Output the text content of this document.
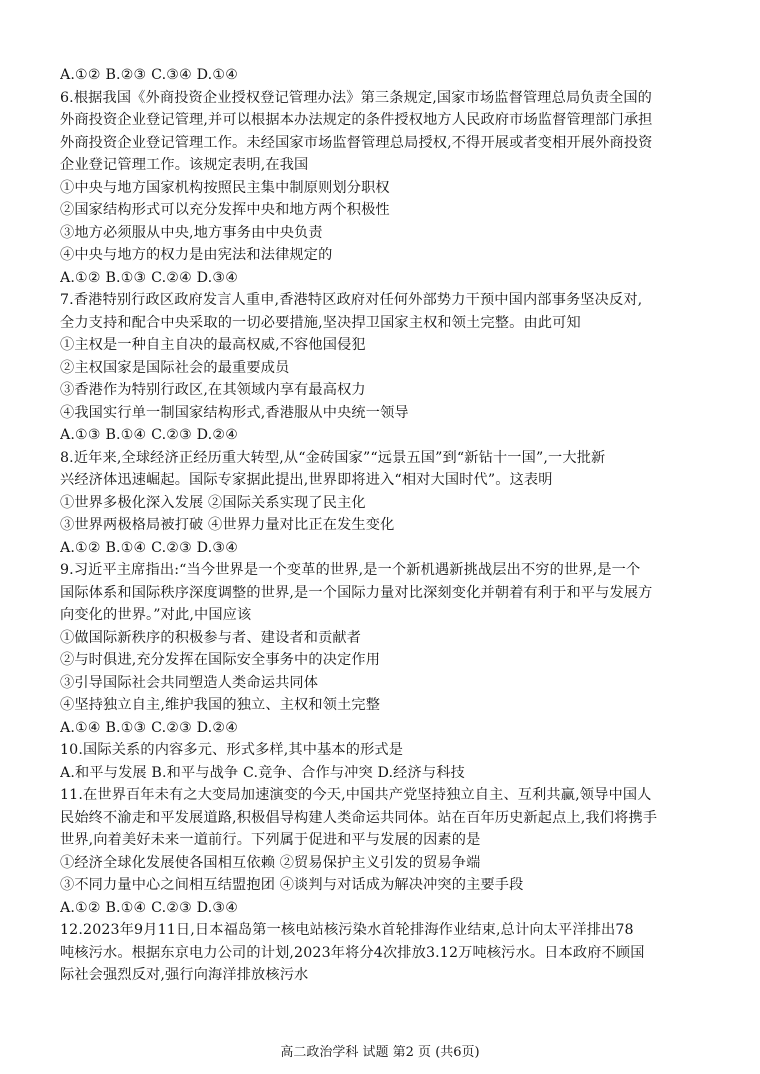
A.①② B.②③ C.③④ D.①④
6.根据我国《外商投资企业授权登记管理办法》第三条规定,国家市场监督管理总局负责全国的
外商投资企业登记管理,并可以根据本办法规定的条件授权地方人民政府市场监督管理部门承担
外商投资企业登记管理工作。未经国家市场监督管理总局授权,不得开展或者变相开展外商投资
企业登记管理工作。该规定表明,在我国
①中央与地方国家机构按照民主集中制原则划分职权
②国家结构形式可以充分发挥中央和地方两个积极性
③地方必须服从中央,地方事务由中央负责
④中央与地方的权力是由宪法和法律规定的
A.①② B.①③ C.②④ D.③④
7.香港特别行政区政府发言人重申,香港特区政府对任何外部势力干预中国内部事务坚决反对,
全力支持和配合中央采取的一切必要措施,坚决捍卫国家主权和领土完整。由此可知
①主权是一种自主自决的最高权威,不容他国侵犯
②主权国家是国际社会的最重要成员
③香港作为特别行政区,在其领域内享有最高权力
④我国实行单一制国家结构形式,香港服从中央统一领导
A.①③ B.①④ C.②③ D.②④
8.近年来,全球经济正经历重大转型,从“金砖国家”“远景五国”到“新钻十一国”,一大批新
兴经济体迅速崛起。国际专家据此提出,世界即将进入“相对大国时代”。这表明
①世界多极化深入发展 ②国际关系实现了民主化
③世界两极格局被打破 ④世界力量对比正在发生变化
A.①② B.①④ C.②③ D.③④
9.习近平主席指出:“当今世界是一个变革的世界,是一个新机遇新挑战层出不穷的世界,是一个
国际体系和国际秩序深度调整的世界,是一个国际力量对比深刻变化并朝着有利于和平与发展方
向变化的世界。”对此,中国应该
①做国际新秩序的积极参与者、建设者和贡献者
②与时俱进,充分发挥在国际安全事务中的决定作用
③引导国际社会共同塑造人类命运共同体
④坚持独立自主,维护我国的独立、主权和领土完整
A.①④ B.①③ C.②③ D.②④
10.国际关系的内容多元、形式多样,其中基本的形式是
A.和平与发展 B.和平与战争 C.竞争、合作与冲突 D.经济与科技
11.在世界百年未有之大变局加速演变的今天,中国共产党坚持独立自主、互利共赢,领导中国人
民始终不渝走和平发展道路,积极倡导构建人类命运共同体。站在百年历史新起点上,我们将携手
世界,向着美好未来一道前行。下列属于促进和平与发展的因素的是
①经济全球化发展使各国相互依赖 ②贸易保护主义引发的贸易争端
③不同力量中心之间相互结盟抱团 ④谈判与对话成为解决冲突的主要手段
A.①② B.①④ C.②③ D.③④
12.2023年9月11日,日本福岛第一核电站核污染水首轮排海作业结束,总计向太平洋排出78
吨核污水。根据东京电力公司的计划,2023年将分4次排放3.12万吨核污水。日本政府不顾国
际社会强烈反对,强行向海洋排放核污水
高二政治学科 试题 第2 页 (共6页)
